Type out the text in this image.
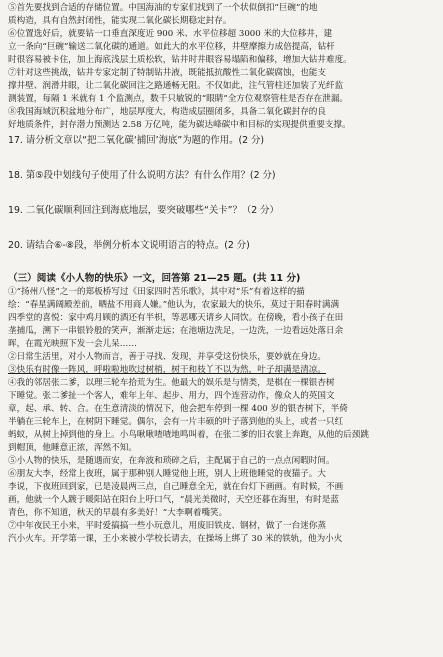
⑤首先要找到合适的存储位置。中国海油的专家们找到了一个状似倒扣“巨碗”的地

质构造，具有自然封闭性，能实现二氧化碳长期稳定封存。

⑥位置选好后，就要钻一口垂直深度近 900 米、水平位移超 3000 米的大位移井，建

立一条向“巨碗”输送二氧化碳的通道。如此大的水平位移，井壁摩擦力成倍提高，钻杆

时很容易被卡住，加上海底浅层土质松软，钻井时井眼容易塌陷和偏移，增加大钻井难度。

⑦针对这些挑战，钻井专家定制了特制钻井液，既能抵抗酸性二氧化碳腐蚀，也能支

撑井壁、润滑井眼，让二氧化碳回注之路通畅无阻。不仅如此，注气管柱还加装了光纤监

测装置，每隔 1 米就有 1 个监测点，数千只敏锐的“眼睛”全方位观察管柱是否存在泄漏。

⑧我国海域沉积盆地分布广，地层厚度大，构造成层圈闭多，具备二氧化碳封存的良

好地质条件，封存潜力预测达 2.58 万亿吨，能为碳达峰碳中和目标的实现提供重要支撑。

17. 请分析文章以“把二氧化碳‘捕回’海底”为题的作用。(2 分)

18. 第⑤段中划线句子使用了什么说明方法？有什么作用？(2 分)

19. 二氧化碳顺利回注到海底地层，要突破哪些“关卡”？（2 分）

20. 请结合⑥-⑧段，举例分析本文说明语言的特点。(2 分)

（三）阅读《小人物的快乐》一文，回答第 21—25 题。(共 11 分)

①“扬州八怪”之一的郑板桥写过《田家四时苦乐歌》，其中对“乐”有着这样的描

绘：“春星满阔殿差前，晒盐不用商人嫌。”他认为，农家最大的快乐，莫过于阳春时满满

四季堂的喜悦：家中鸡月顾的酒还有半枳，等恶哪天请乡人同饮。在傍晚，看小孩子在田

垄捕瓜，溯下一串银铃般的笑声，渐渐走远；在池塘边洗足，一边洗，一边看远处落日余

晖，在霞光映照下发一会儿呆……

②日常生活里，对小人物而言，善于寻找、发现，并享受这份快乐，要妙就在身边。

③快乐有时像一阵风，呼啦啦地吹过树梢，树干和枝丫不以为然，叶子却满是清凉。

④我的邻居张二爹，以理三轮车拾荒为生。他最大的娱乐是与情类，是棋在一棵银杏树

下睡觉。张二爹扯一个客人，难年上年、起步、用力，四个连营动作，像众人的英国文

章，起、承、转、合。在生意清淡的情况下，他会把车停到一棵 400 岁的银杏树下，半倚

半躺在三轮车上，在树阴下睡觉。偶尔，会有一片丰硕的叶子落到他的头上，或者一只红

蚂蚁，从树上掉到他的身上。小鸟啾啾喳喳地鸣叫着，在张二爹的旧衣裳上奔跑，从他的后颈跳

到帽顶，他睡意正浓，浑然不知。

⑤小人物的快乐，是随遇而安，在奔波和琐碎之后，主配属于自己的一点点闲暇时间。

⑥朋友大李，经常上夜班，属于那种别人睡觉他上班，别人上班他睡觉的夜猫子。大

李说，下夜班回到家，已是凌晨两三点，自己睡意全无，就在台灯下画画。有时候，不画

画，他就一个人踱于暖阳站在阳台上吁口气，“晨光美微时，天空还暮在海里，有时是蓝

青色，你不知道，秋天的早晨有多美好！”大李啊着嘴笑。

⑦中年夜民王小来，平时爱搞搞一些小玩意儿，用废旧铁皮、钢材，做了一台迷你蒸

汽小火车。开学第一课，王小来被小学校长请去，在操场上绑了 30 米的铁轨，他为小火
